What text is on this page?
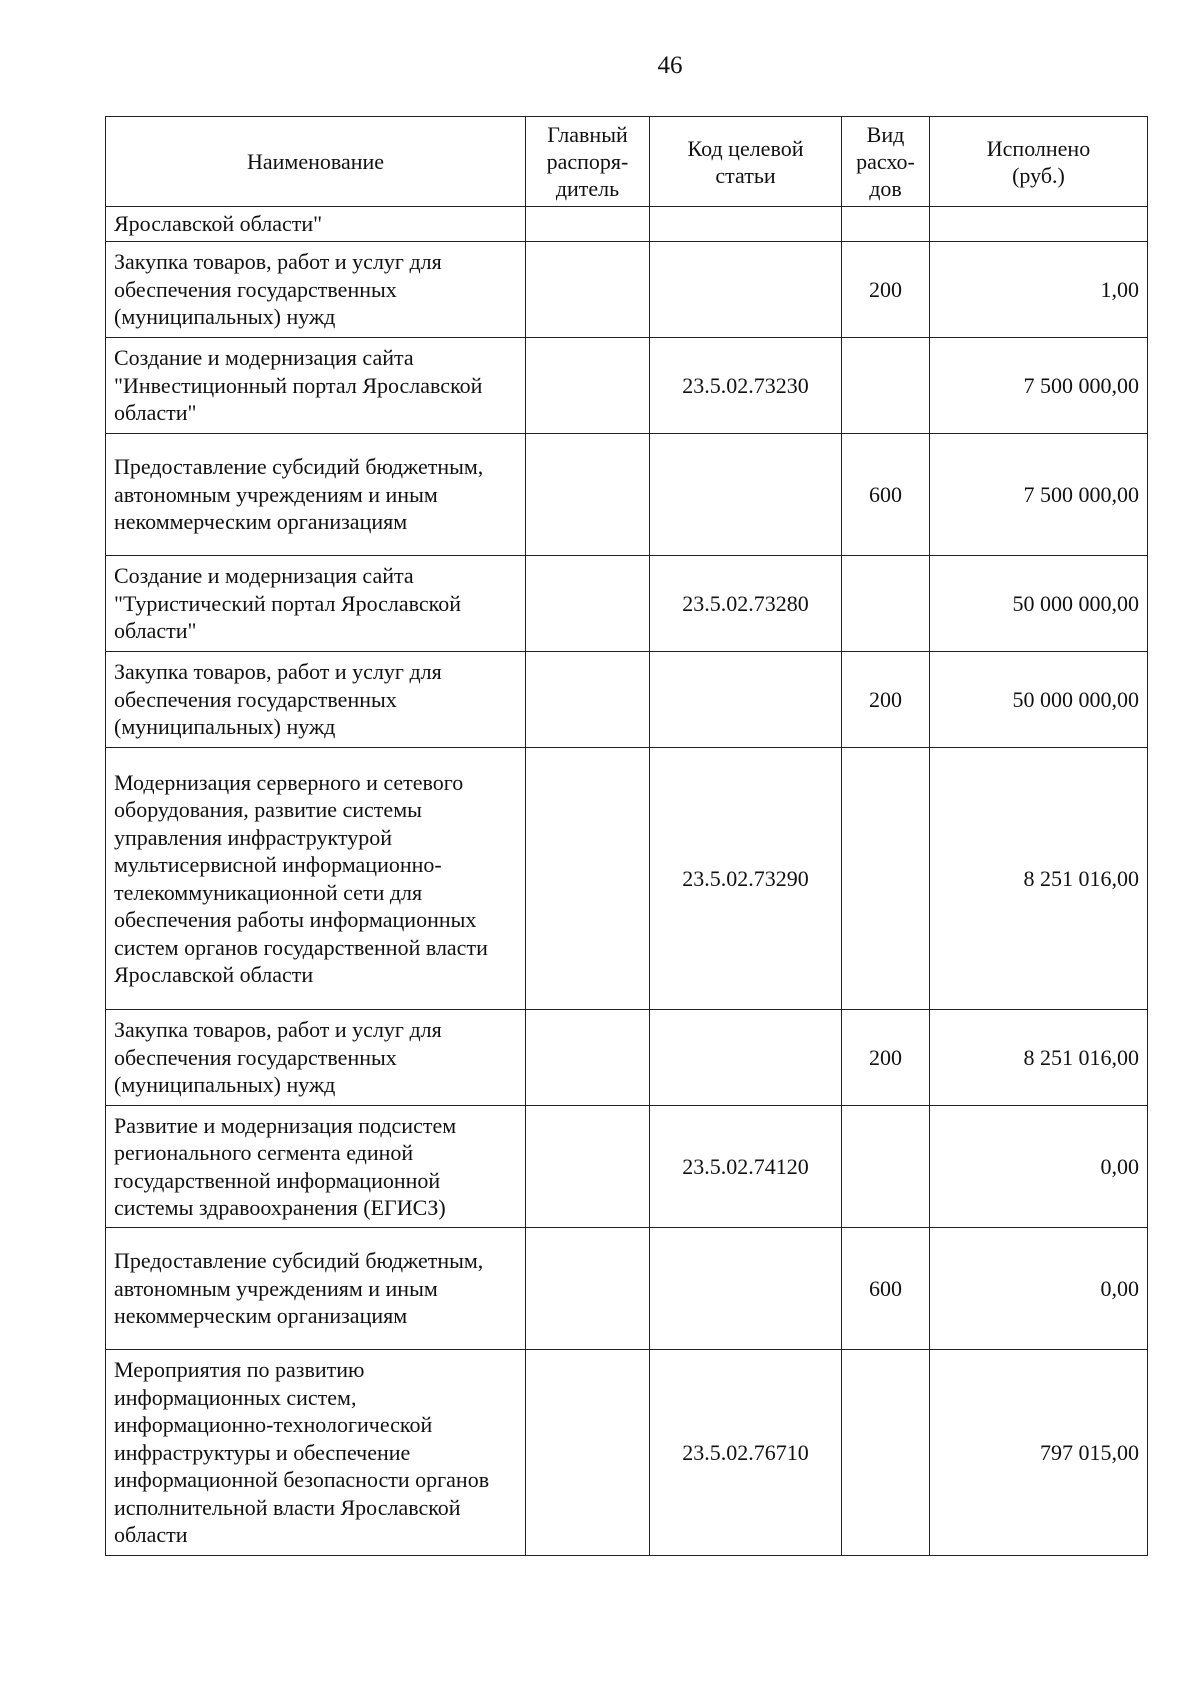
46
Наименование	Главный
распоря-
дитель	Код целевой
статьи	Вид
расхо-
дов	Исполнено
(руб.)
Ярославской области"				
Закупка товаров, работ и услуг для обеспечения государственных (муниципальных) нужд			200	1,00
Создание и модернизация сайта "Инвестиционный портал Ярославской области"		23.5.02.73230		7 500 000,00
Предоставление субсидий бюджетным, автономным учреждениям и иным некоммерческим организациям			600	7 500 000,00
Создание и модернизация сайта "Туристический портал Ярославской области"		23.5.02.73280		50 000 000,00
Закупка товаров, работ и услуг для обеспечения государственных (муниципальных) нужд			200	50 000 000,00
Модернизация серверного и сетевого оборудования, развитие системы управления инфраструктурой мультисервисной информационно-телекоммуникационной сети для обеспечения работы информационных систем органов государственной власти Ярославской области		23.5.02.73290		8 251 016,00
Закупка товаров, работ и услуг для обеспечения государственных (муниципальных) нужд			200	8 251 016,00
Развитие и модернизация подсистем регионального сегмента единой государственной информационной системы здравоохранения (ЕГИСЗ)		23.5.02.74120		0,00
Предоставление субсидий бюджетным, автономным учреждениям и иным некоммерческим организациям			600	0,00
Мероприятия по развитию информационных систем, информационно-технологической инфраструктуры и обеспечение информационной безопасности органов исполнительной власти Ярославской области		23.5.02.76710		797 015,00
